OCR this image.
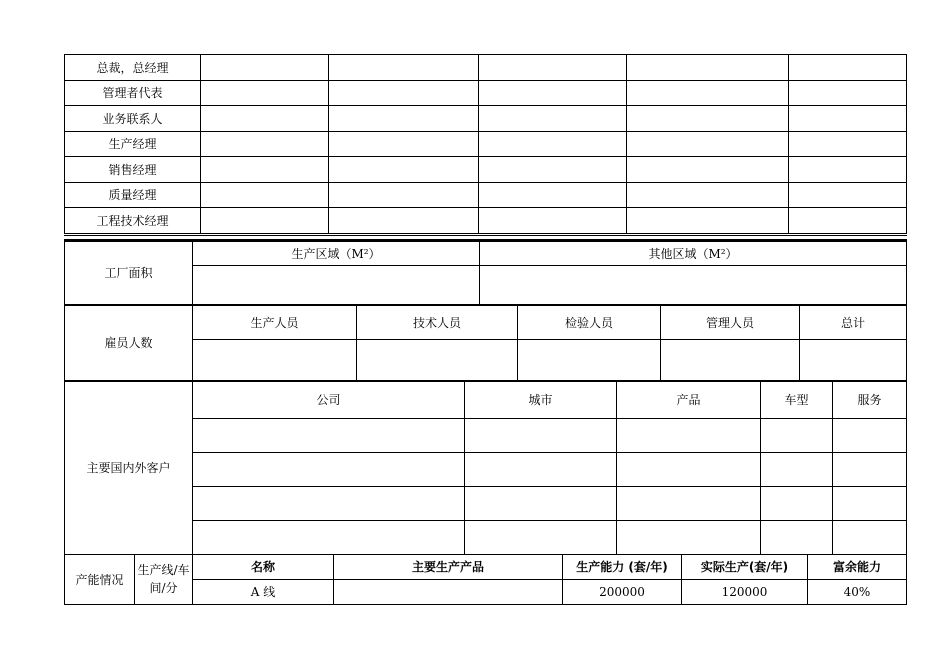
总裁，总经理					
管理者代表					
业务联系人					
生产经理					
销售经理					
质量经理					
工程技术经理					
工厂面积	生产区域（M²）	其他区域（M²）

雇员人数	生产人员	技术人员	检验人员	管理人员	总计

主要国内外客户	公司	城市	产品	车型	服务

产能情况	生产线/车间/分	名称	主要生产产品	生产能力 (套/年)	实际生产(套/年)	富余能力
		A 线		200000	120000	40%
